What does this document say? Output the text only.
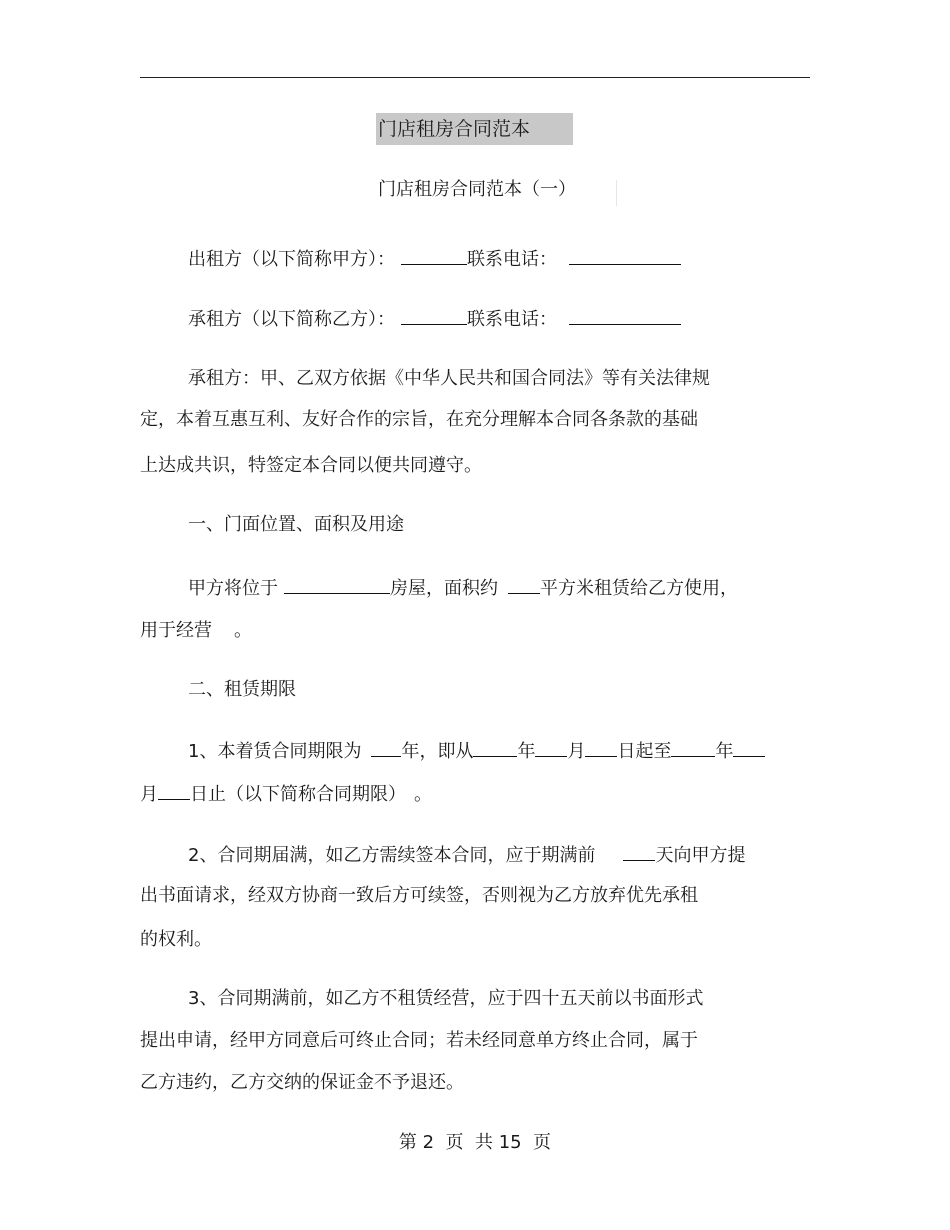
门店租房合同范本
门店租房合同范本（一）
出租方（以下简称甲方）：	联系电话：
承租方（以下简称乙方）：	联系电话：
承租方：甲、乙双方依据《中华人民共和国合同法》等有关法律规
定，本着互惠互利、友好合作的宗旨，在充分理解本合同各条款的基础
上达成共识，特签定本合同以便共同遵守。
一、门面位置、面积及用途
甲方将位于	房屋，面积约 平方米租赁给乙方使用，
用于经营 。
二、租赁期限
1、本着赁合同期限为 年，即从 年 月 日起至 年
月 日止（以下简称合同期限） 。
2、合同期届满，如乙方需续签本合同，应于期满前	天向甲方提
出书面请求，经双方协商一致后方可续签，否则视为乙方放弃优先承租
的权利。
3、合同期满前，如乙方不租赁经营，应于四十五天前以书面形式
提出申请，经甲方同意后可终止合同；若未经同意单方终止合同，属于
乙方违约，乙方交纳的保证金不予退还。
第 2  页  共 15  页
